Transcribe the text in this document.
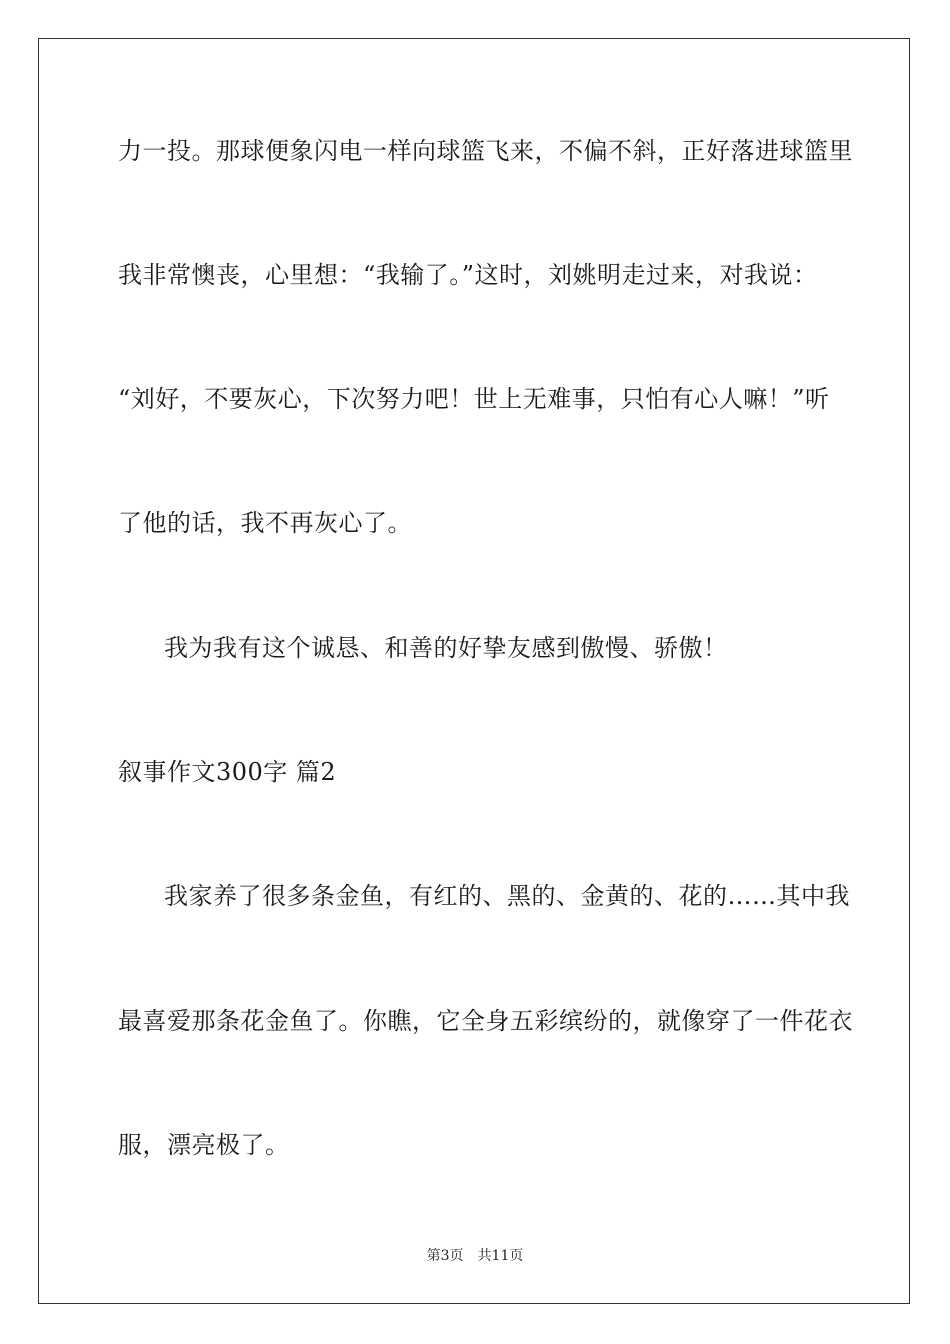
力一投。那球便象闪电一样向球篮飞来，不偏不斜，正好落进球篮里
我非常懊丧，心里想：“我输了。”这时，刘姚明走过来，对我说：
“刘好，不要灰心，下次努力吧！世上无难事，只怕有心人嘛！”听
了他的话，我不再灰心了。
我为我有这个诚恳、和善的好挚友感到傲慢、骄傲！
叙事作文300字 篇2
我家养了很多条金鱼，有红的、黑的、金黄的、花的……其中我
最喜爱那条花金鱼了。你瞧，它全身五彩缤纷的，就像穿了一件花衣
服，漂亮极了。
第3页 共11页
